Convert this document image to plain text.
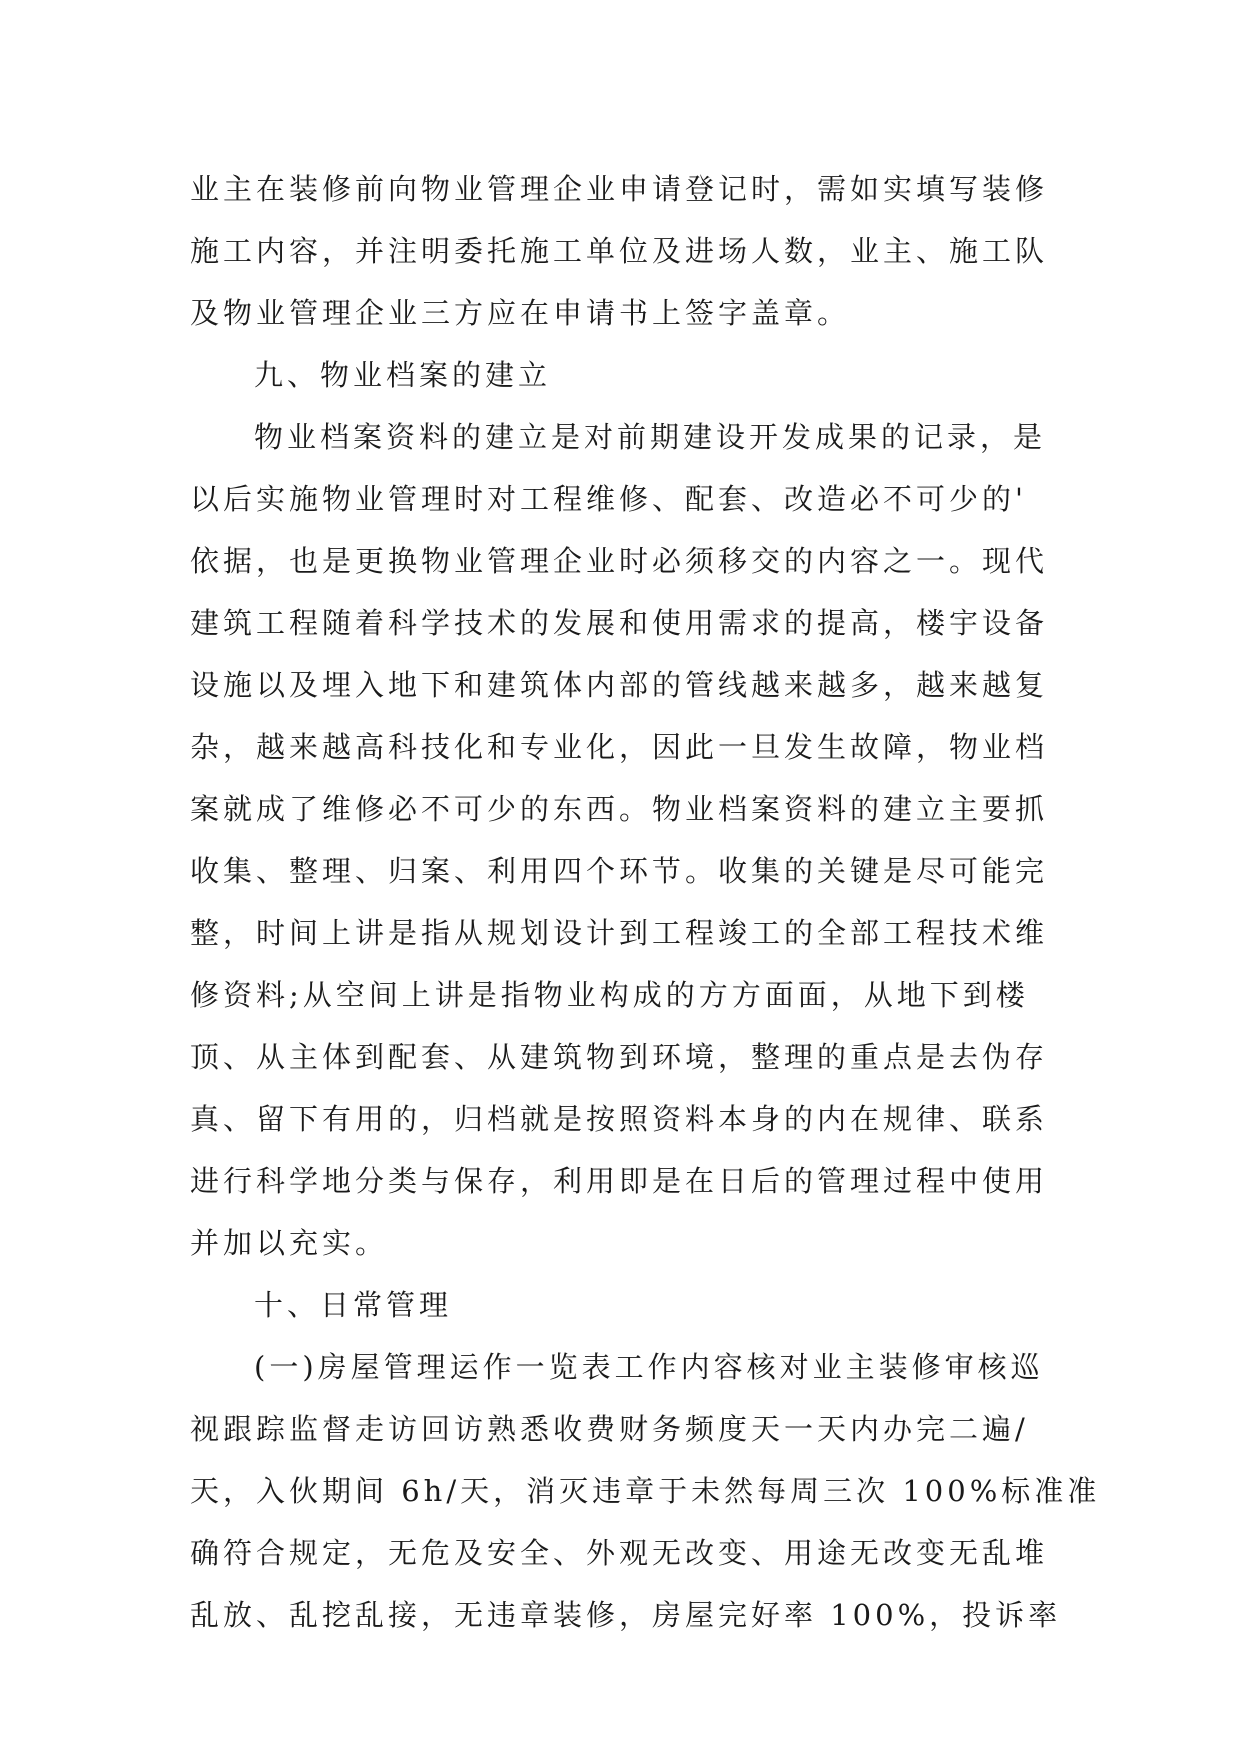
业主在装修前向物业管理企业申请登记时，需如实填写装修
施工内容，并注明委托施工单位及进场人数，业主、施工队
及物业管理企业三方应在申请书上签字盖章。
九、物业档案的建立
物业档案资料的建立是对前期建设开发成果的记录，是
以后实施物业管理时对工程维修、配套、改造必不可少的'
依据，也是更换物业管理企业时必须移交的内容之一。现代
建筑工程随着科学技术的发展和使用需求的提高，楼宇设备
设施以及埋入地下和建筑体内部的管线越来越多，越来越复
杂，越来越高科技化和专业化，因此一旦发生故障，物业档
案就成了维修必不可少的东西。物业档案资料的建立主要抓
收集、整理、归案、利用四个环节。收集的关键是尽可能完
整，时间上讲是指从规划设计到工程竣工的全部工程技术维
修资料;从空间上讲是指物业构成的方方面面，从地下到楼
顶、从主体到配套、从建筑物到环境，整理的重点是去伪存
真、留下有用的，归档就是按照资料本身的内在规律、联系
进行科学地分类与保存，利用即是在日后的管理过程中使用
并加以充实。
十、日常管理
(一)房屋管理运作一览表工作内容核对业主装修审核巡
视跟踪监督走访回访熟悉收费财务频度天一天内办完二遍/
天，入伙期间 6h/天，消灭违章于未然每周三次 100%标准准
确符合规定，无危及安全、外观无改变、用途无改变无乱堆
乱放、乱挖乱接，无违章装修，房屋完好率 100%，投诉率
